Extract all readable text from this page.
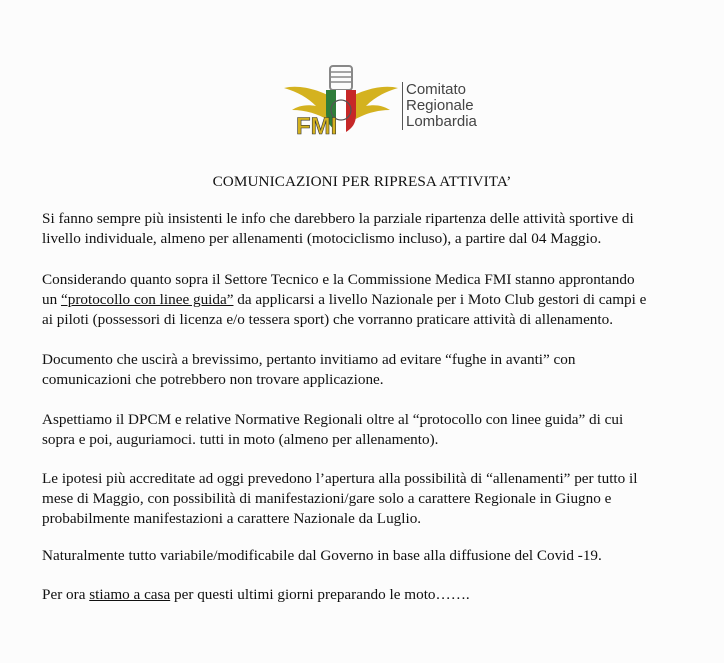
FMI
Comitato
Regionale
Lombardia
COMUNICAZIONI PER RIPRESA ATTIVITA’
Si fanno sempre più insistenti le info che darebbero la parziale ripartenza delle attività sportive di
livello individuale, almeno per allenamenti (motociclismo incluso), a partire dal 04 Maggio.
Considerando quanto sopra il Settore Tecnico e la Commissione Medica FMI stanno approntando
un “protocollo con linee guida” da applicarsi a livello Nazionale per i Moto Club gestori di campi e
ai piloti (possessori di licenza e/o tessera sport) che vorranno praticare attività di allenamento.
Documento che uscirà a brevissimo, pertanto invitiamo ad evitare “fughe in avanti” con
comunicazioni che potrebbero non trovare applicazione.
Aspettiamo il DPCM e relative Normative Regionali oltre al “protocollo con linee guida” di cui
sopra e poi, auguriamoci. tutti in moto (almeno per allenamento).
Le ipotesi più accreditate ad oggi prevedono l’apertura alla possibilità di “allenamenti” per tutto il
mese di Maggio, con possibilità di manifestazioni/gare solo a carattere Regionale in Giugno e
probabilmente manifestazioni a carattere Nazionale da Luglio.
Naturalmente tutto variabile/modificabile dal Governo in base alla diffusione del Covid -19.
Per ora stiamo a casa per questi ultimi giorni preparando le moto…….
